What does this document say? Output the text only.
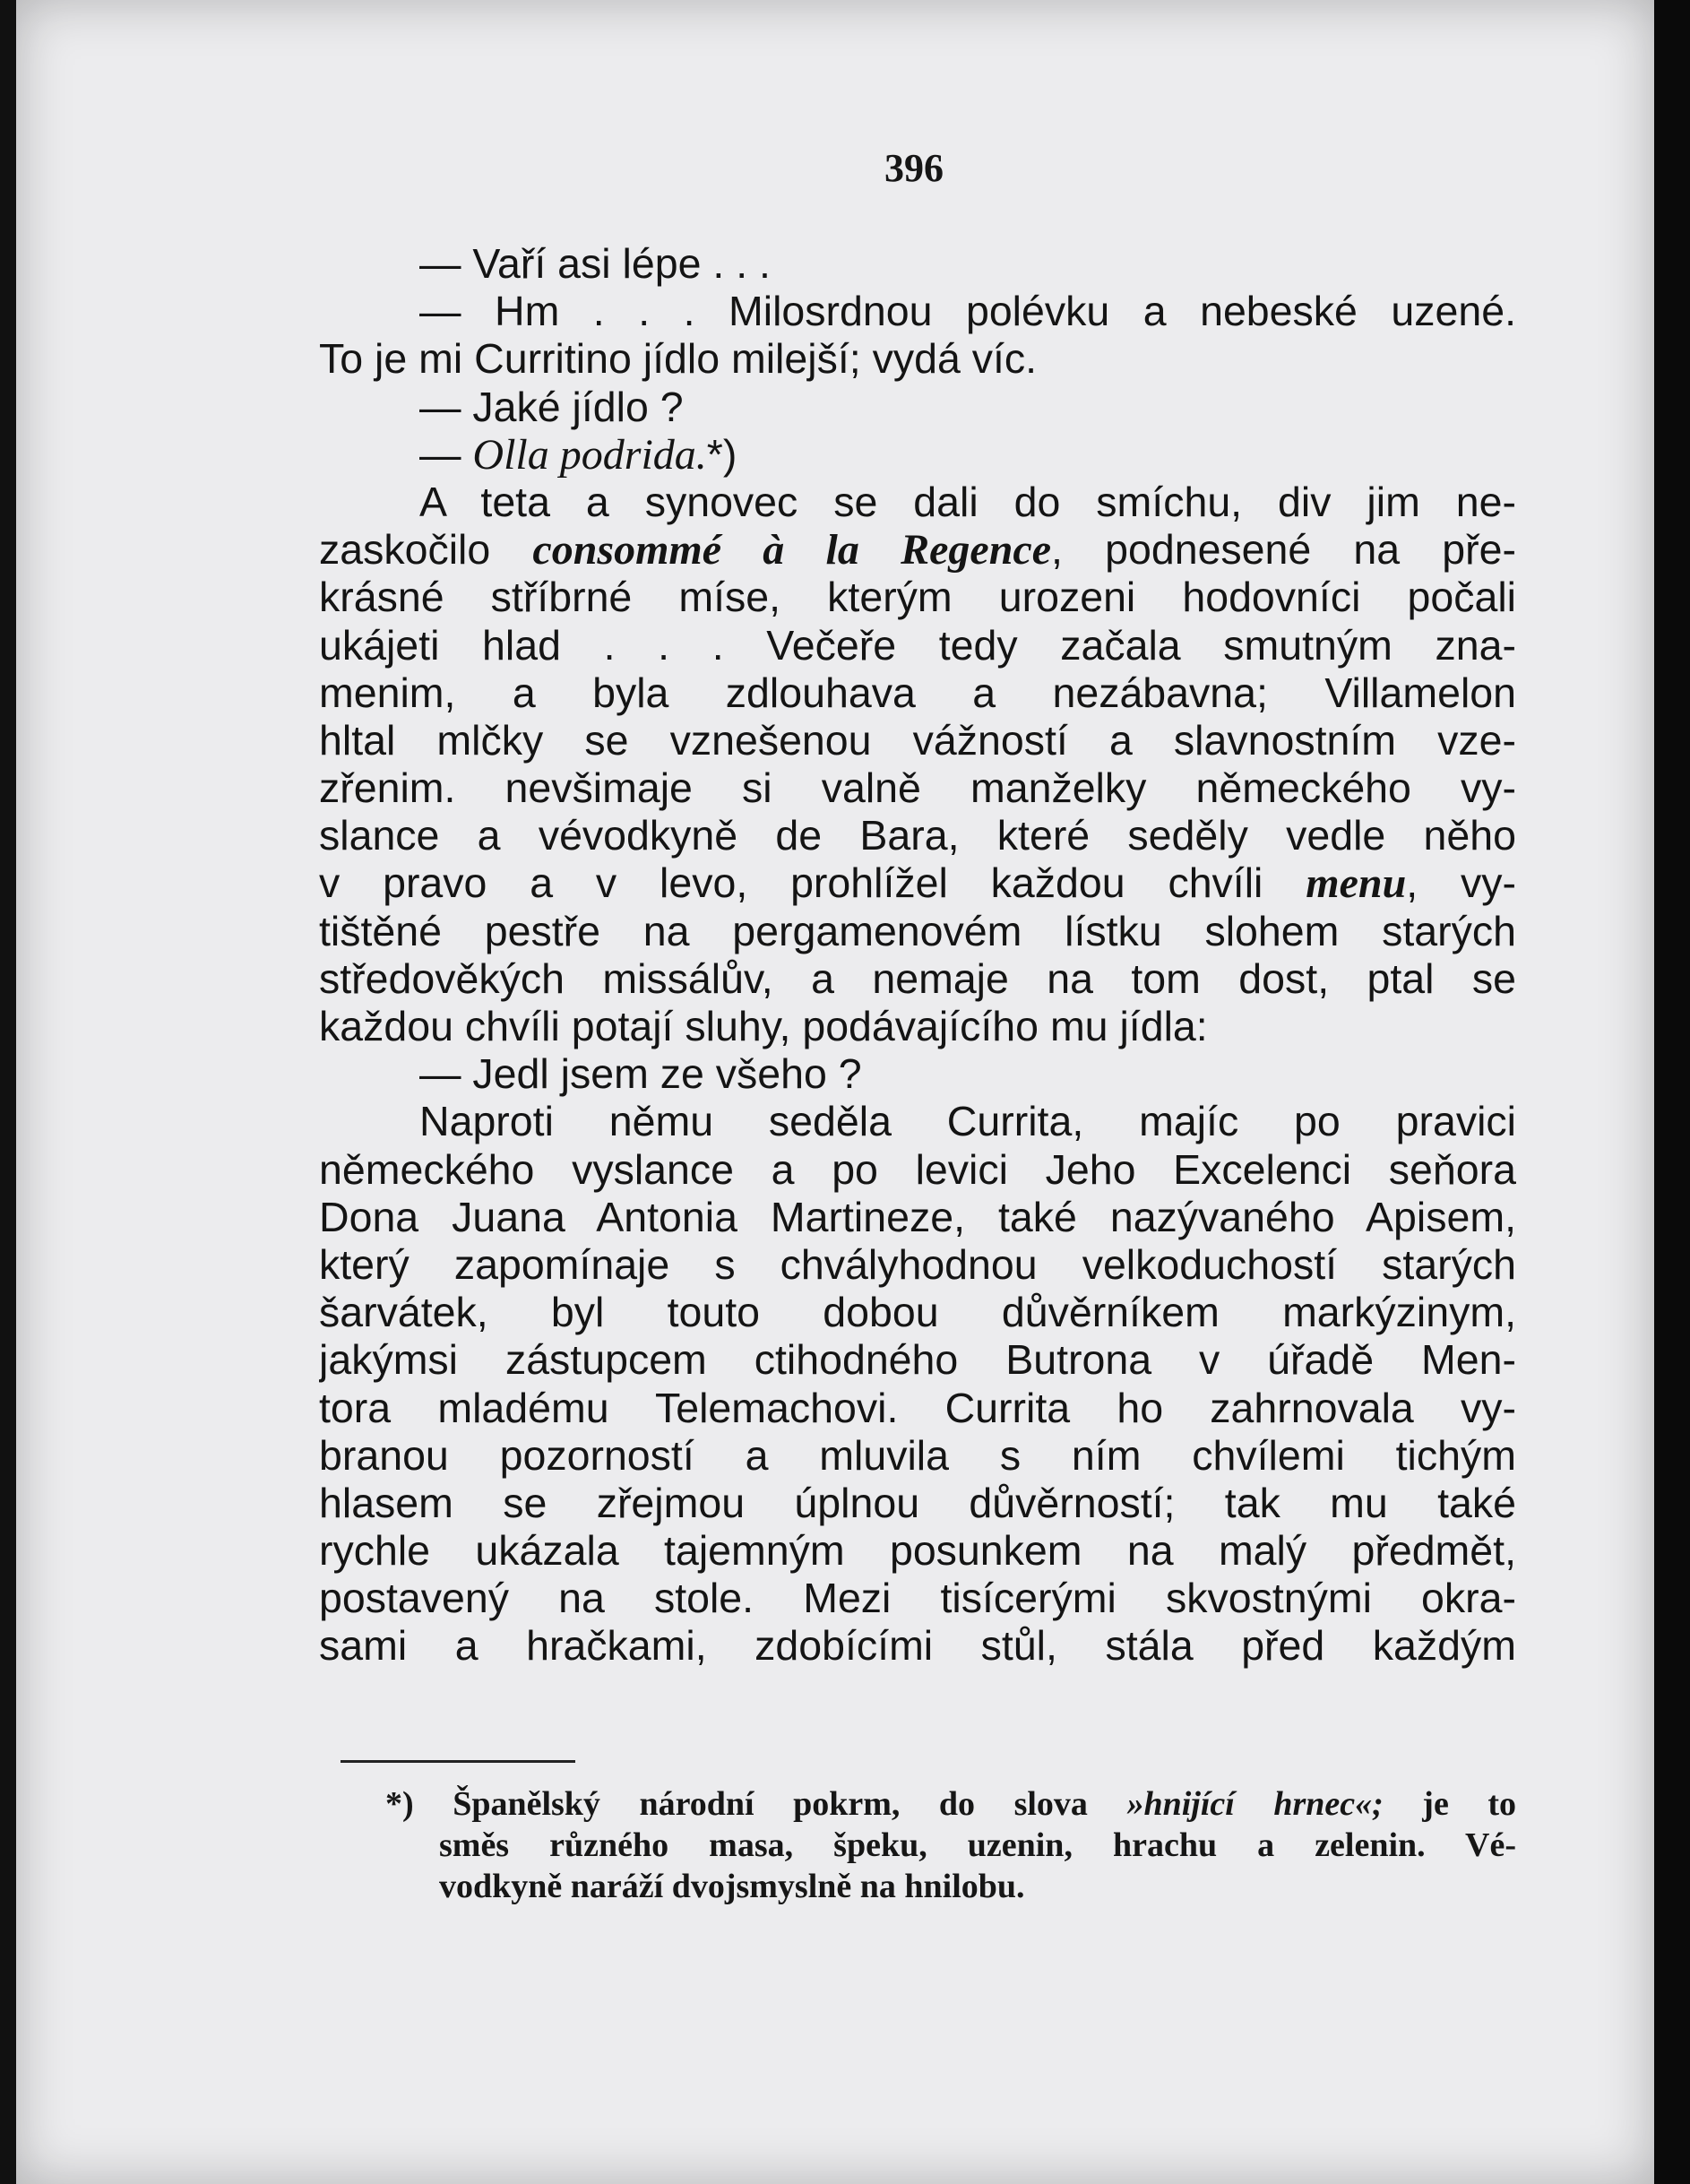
396
— Vaří asi lépe . . .
— Hm . . . Milosrdnou polévku a nebeské uzené.
To je mi Curritino jídlo milejší; vydá víc.
— Jaké jídlo ?
— Olla podrida.*)
A teta a synovec se dali do smíchu, div jim ne-
zaskočilo consommé à la Regence, podnesené na pře-
krásné stříbrné míse, kterým urozeni hodovníci počali
ukájeti hlad . . . Večeře tedy začala smutným zna-
menim, a byla zdlouhava a nezábavna; Villamelon
hltal mlčky se vznešenou vážností a slavnostním vze-
zřenim. nevšimaje si valně manželky německého vy-
slance a vévodkyně de Bara, které seděly vedle něho
v pravo a v levo, prohlížel každou chvíli menu, vy-
tištěné pestře na pergamenovém lístku slohem starých
středověkých missálův, a nemaje na tom dost, ptal se
každou chvíli potají sluhy, podávajícího mu jídla:
— Jedl jsem ze všeho ?
Naproti němu seděla Currita, majíc po pravici
německého vyslance a po levici Jeho Excelenci seňora
Dona Juana Antonia Martineze, také nazývaného Apisem,
který zapomínaje s chvályhodnou velkoduchostí starých
šarvátek, byl touto dobou důvěrníkem markýzinym,
jakýmsi zástupcem ctihodného Butrona v úřadě Men-
tora mladému Telemachovi. Currita ho zahrnovala vy-
branou pozorností a mluvila s ním chvílemi tichým
hlasem se zřejmou úplnou důvěrností; tak mu také
rychle ukázala tajemným posunkem na malý předmět,
postavený na stole. Mezi tisícerými skvostnými okra-
sami a hračkami, zdobícími stůl, stála před každým
*) Španělský národní pokrm, do slova »hnijící hrnec«; je to
směs různého masa, špeku, uzenin, hrachu a zelenin. Vé-
vodkyně naráží dvojsmyslně na hnilobu.
